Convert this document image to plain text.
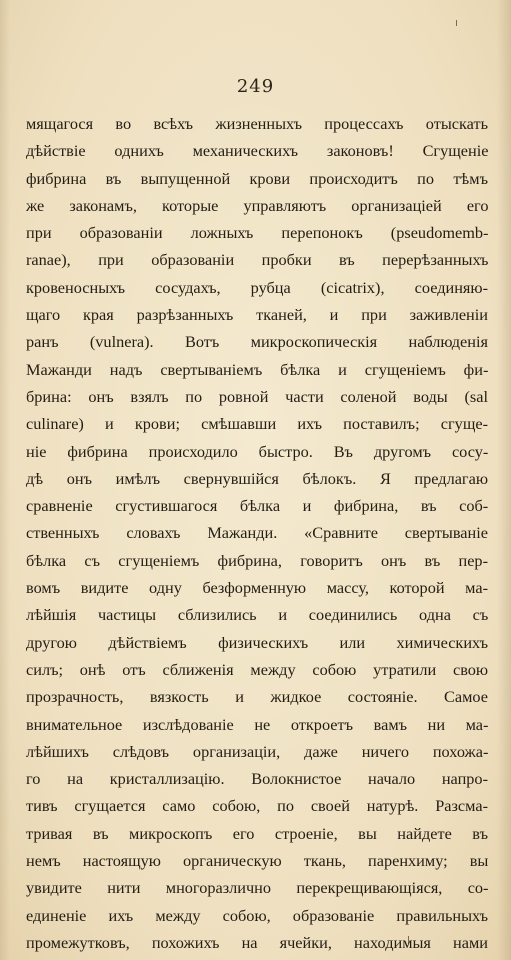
249
мящагося во всѣхъ жизненныхъ процессахъ отыскать
дѣйствіе однихъ механическихъ законовъ! Сгущеніе
фибрина въ выпущенной крови происходитъ по тѣмъ
же законамъ, которые управляютъ организаціей его
при образованіи ложныхъ перепонокъ (pseudomemb-
ranae), при образованіи пробки въ перерѣзанныхъ
кровеносныхъ сосудахъ, рубца (cicatrix), соединяю-
щаго края разрѣзанныхъ тканей, и при заживленіи
ранъ (vulnera). Вотъ микроскопическія наблюденія
Мажанди надъ свертываніемъ бѣлка и сгущеніемъ фи-
брина: онъ взялъ по ровной части соленой воды (sal
culinare) и крови; смѣшавши ихъ поставилъ; сгуще-
ніе фибрина происходило быстро. Въ другомъ сосу-
дѣ онъ имѣлъ свернувшійся бѣлокъ. Я предлагаю
сравненіе сгустившагося бѣлка и фибрина, въ соб-
ственныхъ словахъ Мажанди. «Сравните свертываніе
бѣлка съ сгущеніемъ фибрина, говоритъ онъ въ пер-
вомъ видите одну безформенную массу, которой ма-
лѣйшія частицы сблизились и соединились одна съ
другою дѣйствіемъ физическихъ или химическихъ
силъ; онѣ отъ сближенія между собою утратили свою
прозрачность, вязкость и жидкое состояніе. Самое
внимательное изслѣдованіе не откроетъ вамъ ни ма-
лѣйшихъ слѣдовъ организаціи, даже ничего похожа-
го на кристаллизацію. Волокнистое начало напро-
тивъ сгущается само собою, по своей натурѣ. Разсма-
тривая въ микроскопъ его строеніе, вы найдете въ
немъ настоящую органическую ткань, паренхиму; вы
увидите нити многоразлично перекрещивающіяся, со-
единеніе ихъ между собою, образованіе правильныхъ
промежутковъ, похожихъ на ячейки, находимыя нами
